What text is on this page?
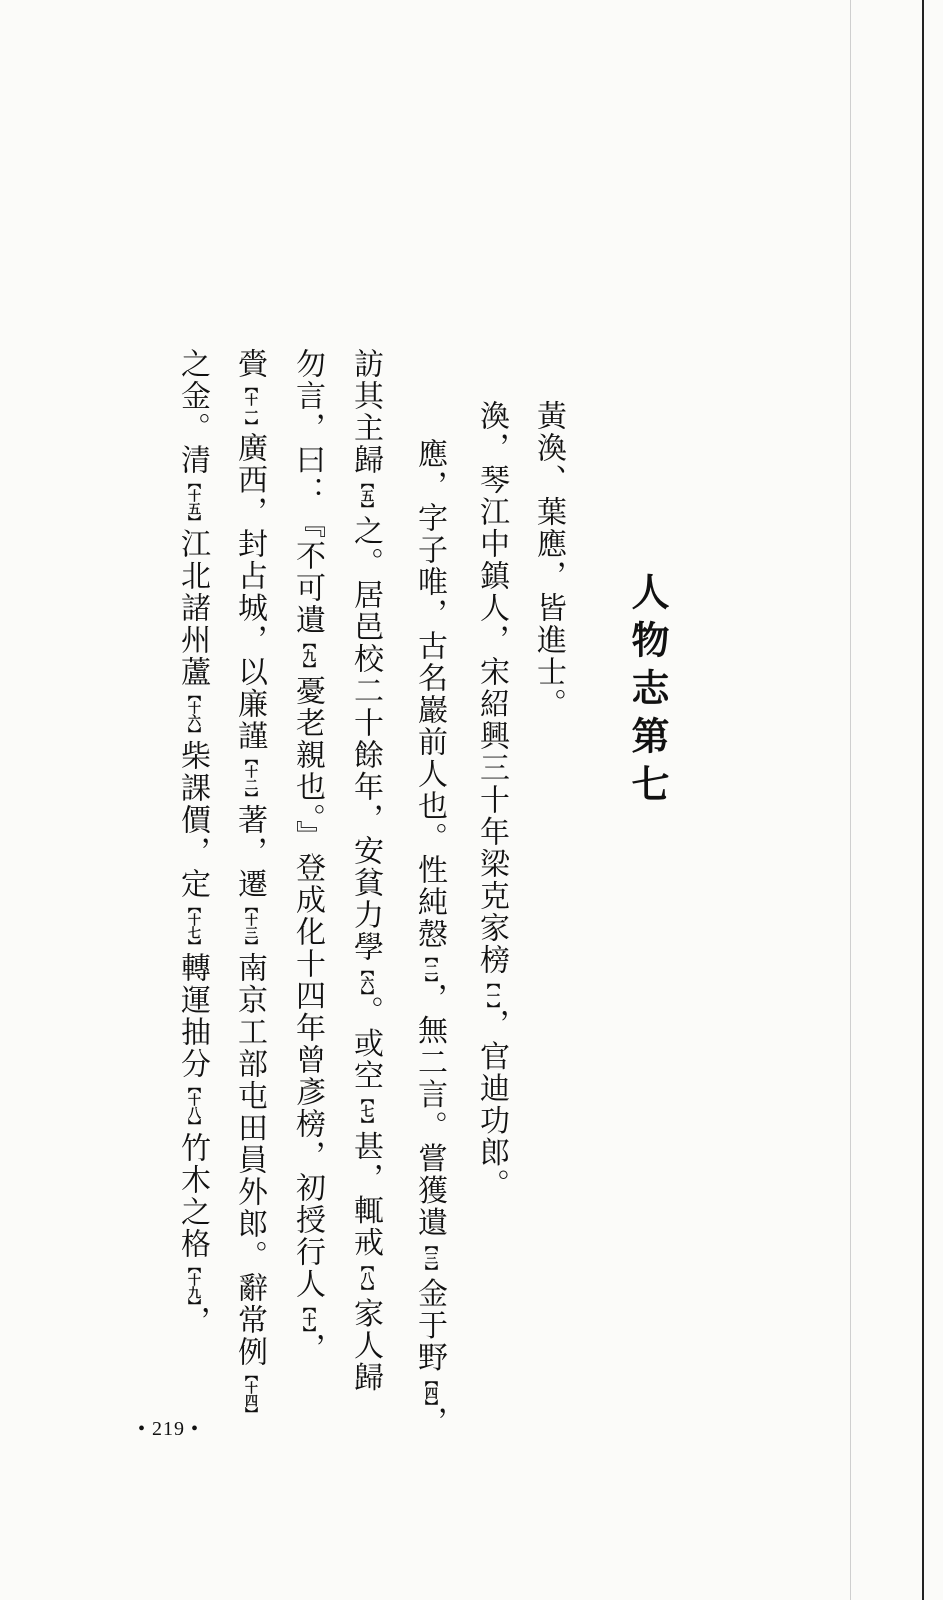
人物志第七
黃渙、葉應，皆進士。
渙，琴江中鎮人，宋紹興三十年梁克家榜【一】，官迪功郎。
應，字子唯，古名巖前人也。性純慤【二】，無二言。嘗獲遺【三】金于野【四】，
訪其主歸【五】之。居邑校二十餘年，安貧力學【六】。或空【七】甚，輒戒【八】家人歸
勿言，曰：『不可遺【九】憂老親也。』登成化十四年曾彥榜，初授行人【十】，
賫【十一】廣西，封占城，以廉謹【十二】著，遷【十三】南京工部屯田員外郎。辭常例【十四】
之金。清【十五】江北諸州蘆【十六】柴課價，定【十七】轉運抽分【十八】竹木之格【十九】，
• 219 •
